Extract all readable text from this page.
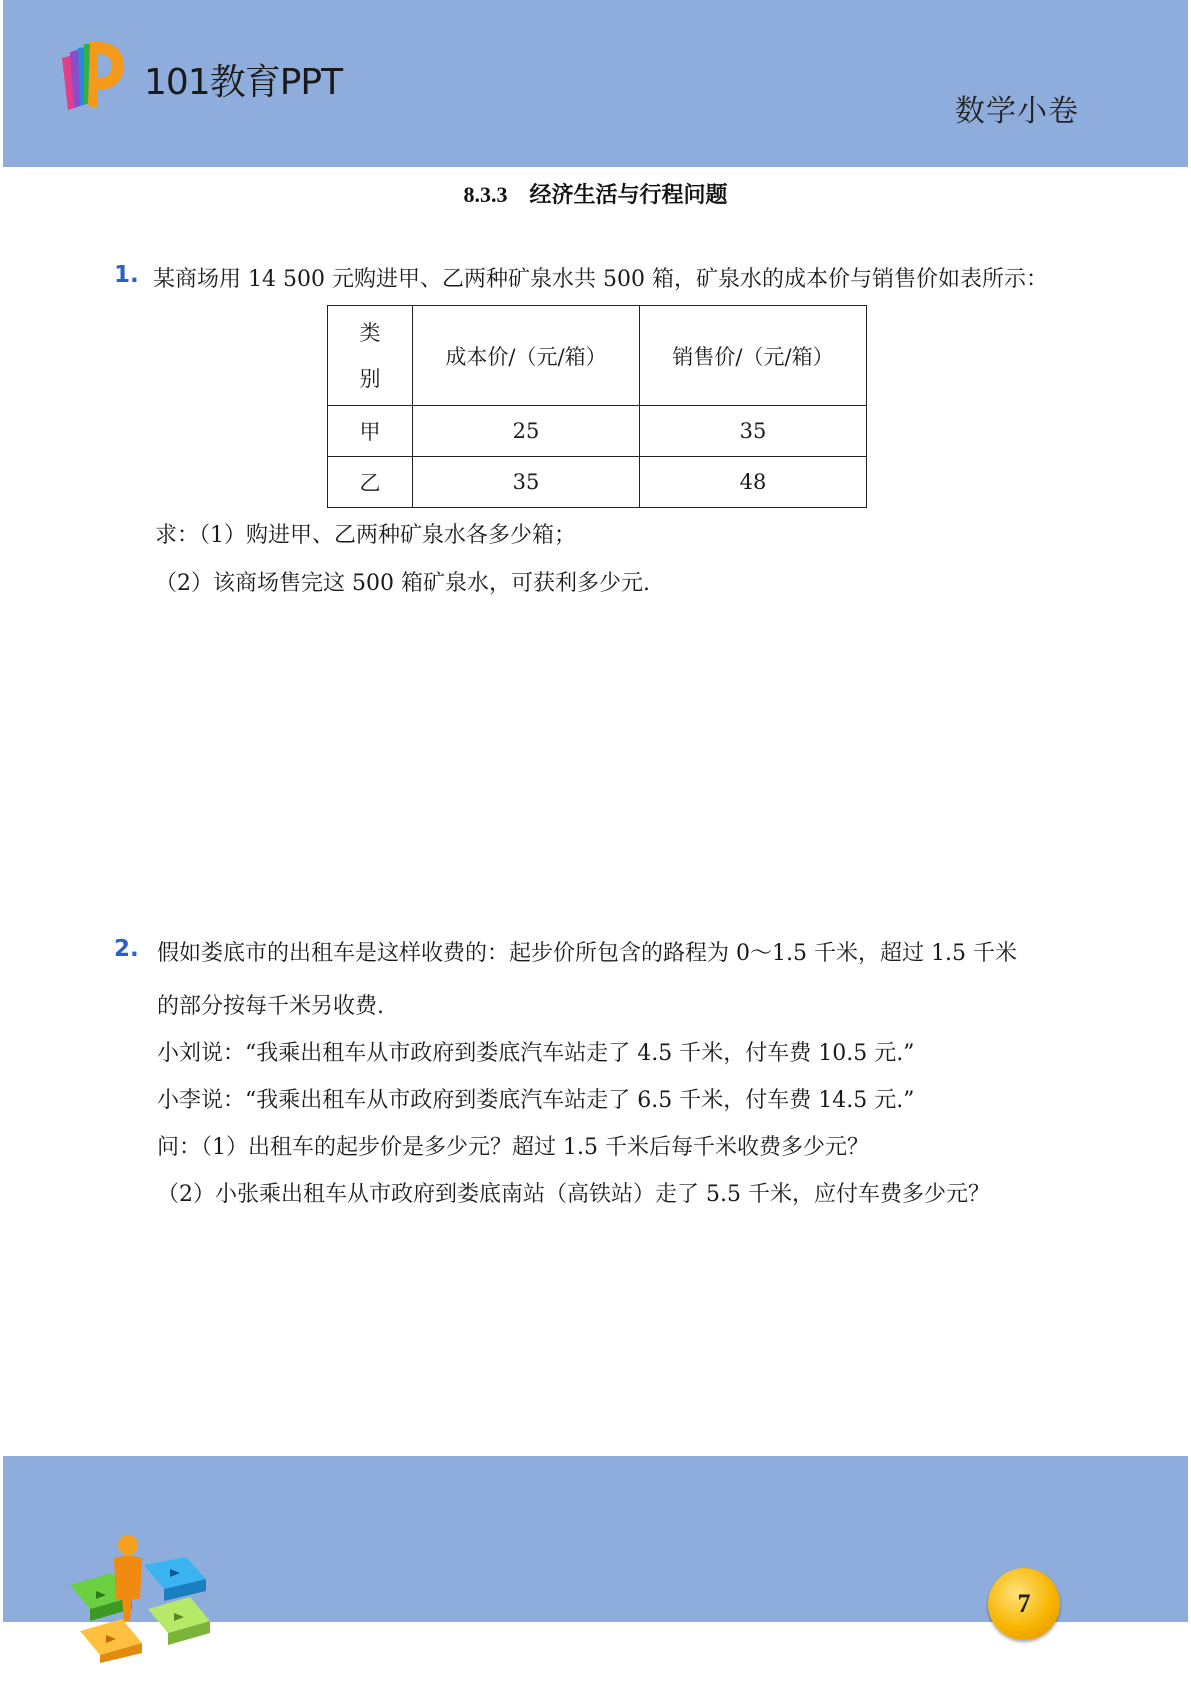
101教育PPT
数学小卷
8.3.3 经济生活与行程问题
1. 某商场用 14 500 元购进甲、乙两种矿泉水共 500 箱，矿泉水的成本价与销售价如表所示：
类别	成本价/（元/箱）	销售价/（元/箱）
甲	25	35
乙	35	48
求：（1）购进甲、乙两种矿泉水各多少箱；
（2）该商场售完这 500 箱矿泉水，可获利多少元.
2. 假如娄底市的出租车是这样收费的：起步价所包含的路程为 0～1.5 千米，超过 1.5 千米
的部分按每千米另收费.
小刘说：“我乘出租车从市政府到娄底汽车站走了 4.5 千米，付车费 10.5 元.”
小李说：“我乘出租车从市政府到娄底汽车站走了 6.5 千米，付车费 14.5 元.”
问：（1）出租车的起步价是多少元？超过 1.5 千米后每千米收费多少元？
（2）小张乘出租车从市政府到娄底南站（高铁站）走了 5.5 千米，应付车费多少元？
7
